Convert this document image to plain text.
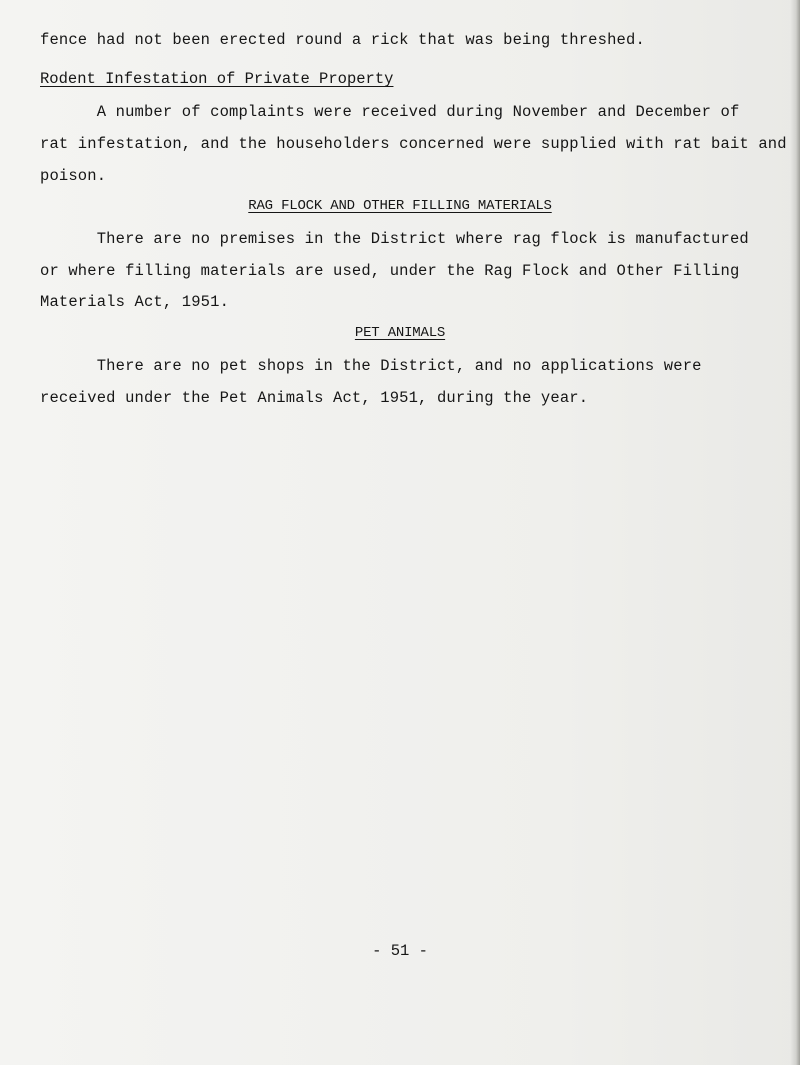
fence had not been erected round a rick that was being threshed.
Rodent Infestation of Private Property
A number of complaints were received during November and December of
rat infestation, and the householders concerned were supplied with rat bait and
poison.
RAG FLOCK AND OTHER FILLING MATERIALS
There are no premises in the District where rag flock is manufactured
or where filling materials are used, under the Rag Flock and Other Filling
Materials Act, 1951.
PET ANIMALS
There are no pet shops in the District, and no applications were
received under the Pet Animals Act, 1951, during the year.
- 51 -
